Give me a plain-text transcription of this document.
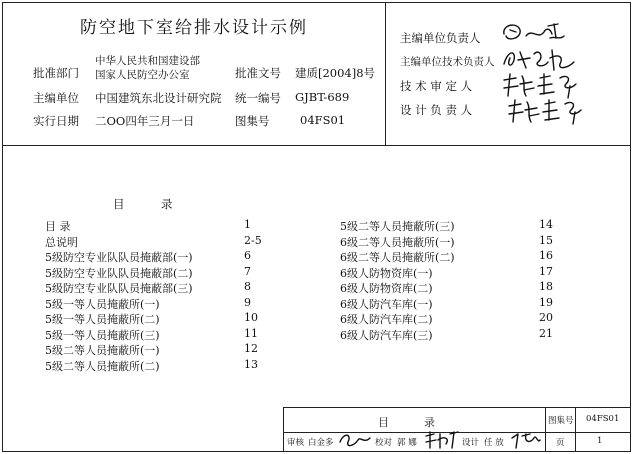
防空地下室给排水设计示例
批准部门
中华人民共和国建设部
国家人民防空办公室	批准文号 建质[2004]8号
主编单位 中国建筑东北设计研究院 统一编号 GJBT-689
实行日期 二OO四年三月一日	图集号	04FS01
主编单位负责人
主编单位技术负责人
技 术 审 定 人
设 计 负 责 人
目          录
目 录	1
总说明	2-5
5级防空专业队队员掩蔽部(一)	6
5级防空专业队队员掩蔽部(二)	7
5级防空专业队队员掩蔽部(三)	8
5级一等人员掩蔽所(一)	9
5级一等人员掩蔽所(二)	10
5级一等人员掩蔽所(三)	11
5级二等人员掩蔽所(一)	12
5级二等人员掩蔽所(二)	13
5级二等人员掩蔽所(三)	14
6级二等人员掩蔽所(一)	15
6级二等人员掩蔽所(二)	16
6级人防物资库(一)	17
6级人防物资库(二)	18
6级人防汽车库(一)	19
6级人防汽车库(二)	20
6级人防汽车库(三)	21
目          录	图集号 04FS01
审核 白金多	校对 郭 娜	设计 任 放	页	1
